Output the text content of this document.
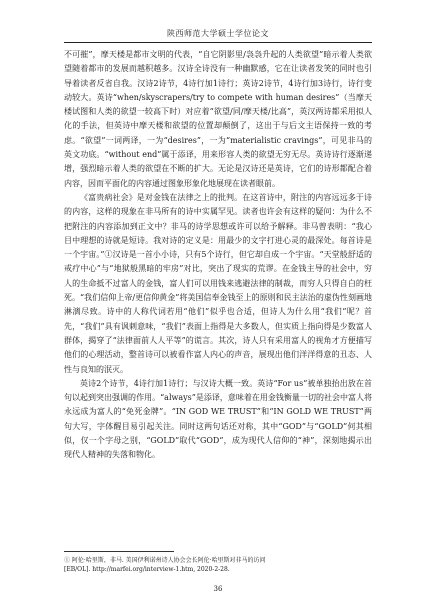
陕西师范大学硕士学位论文

不可摧”，摩天楼是都市文明的代表，“自它阴影里/袅袅升起的人类欲望”暗示着人类欲望随着都市的发展而越积越多。汉诗全诗没有一种幽默感，它在让读者发笑的同时也引导着读者反省自我。汉诗2诗节，4诗行加1诗行；英诗2诗节，4诗行加3诗行，诗行变动较大。英诗“when/skyscrapers/try to compete with human desires”（当摩天楼试图和人类的欲望一较高下时）对应着“欲望/同/摩天楼/比高”，英汉两诗都采用拟人化的手法，但英诗中摩天楼和欲望的位置却颠倒了，这出于与后文主语保持一致的考虑。“欲望”一词两译，一为“desires”，一为“materialistic cravings”，可见非马的英文功底。“without end”属于添译，用来形容人类的欲望无穷无尽。英诗诗行逐渐递增，强烈暗示着人类的欲望在不断的扩大。无论是汉诗还是英诗，它们的诗形都配合着内容，因而平面化的内容通过图象形象化地展现在读者眼前。

《富贵病社会》是对金钱在法律之上的批判。在这首诗中，附注的内容远远多于诗的内容，这样的现象在非马所有的诗中实属罕见。读者也许会有这样的疑问：为什么不把附注的内容添加到正文中？非马的诗学思想或许可以给予解释。非马曾表明：“我心目中理想的诗就是短诗。我对诗的定义是：用最少的文字打进心灵的最深处。每首诗是一个宇宙。”①汉诗是一首小小诗，只有5个诗行，但它却自成一个宇宙。“天堂般舒适的戒疗中心”与“地狱般黑暗的牢房”对比，突出了现实的荒谬。在金钱主导的社会中，穷人的生命抵不过富人的金钱，富人们可以用钱来逃避法律的制裁，而穷人只得自白的枉死。“我们信仰上帝/更信仰黄金”将美国信奉金钱至上的原则和民主法治的虚伪性刻画地淋漓尽致。诗中的人称代词若用“他们”似乎也合适，但诗人为什么用“我们”呢？首先，“我们”具有讽刺意味，“我们”表面上指得是大多数人，但实质上指向得是少数富人群体，揭穿了“法律面前人人平等”的谎言。其次，诗人只有采用富人的视角才方便描写他们的心理活动，整首诗可以被看作富人内心的声音，展现出他们洋洋得意的丑态、人性与良知的泯灭。

英诗2个诗节，4诗行加1诗行；与汉诗大概一致。英诗“For us”被单独抬出放在首句以起到突出强调的作用。“always”是添译，意味着在用金钱衡量一切的社会中富人将永远成为富人的“免死金牌”。“IN GOD WE TRUST”和“IN GOLD WE TRUST”两句大写，字体醒目易引起关注。同时这两句话还对称，其中“GOD”与“GOLD”何其相似，仅一个字母之别，“GOLD”取代“GOD”，成为现代人信仰的“神”，深刻地揭示出现代人精神的失落和物化。

① 阿伦·哈里斯，非马. 美国伊利诺州诗人协会会长阿伦·哈里斯对非马的访问
[EB/OL]. http://marfei.org/interview-1.htm, 2020-2-28.
36
